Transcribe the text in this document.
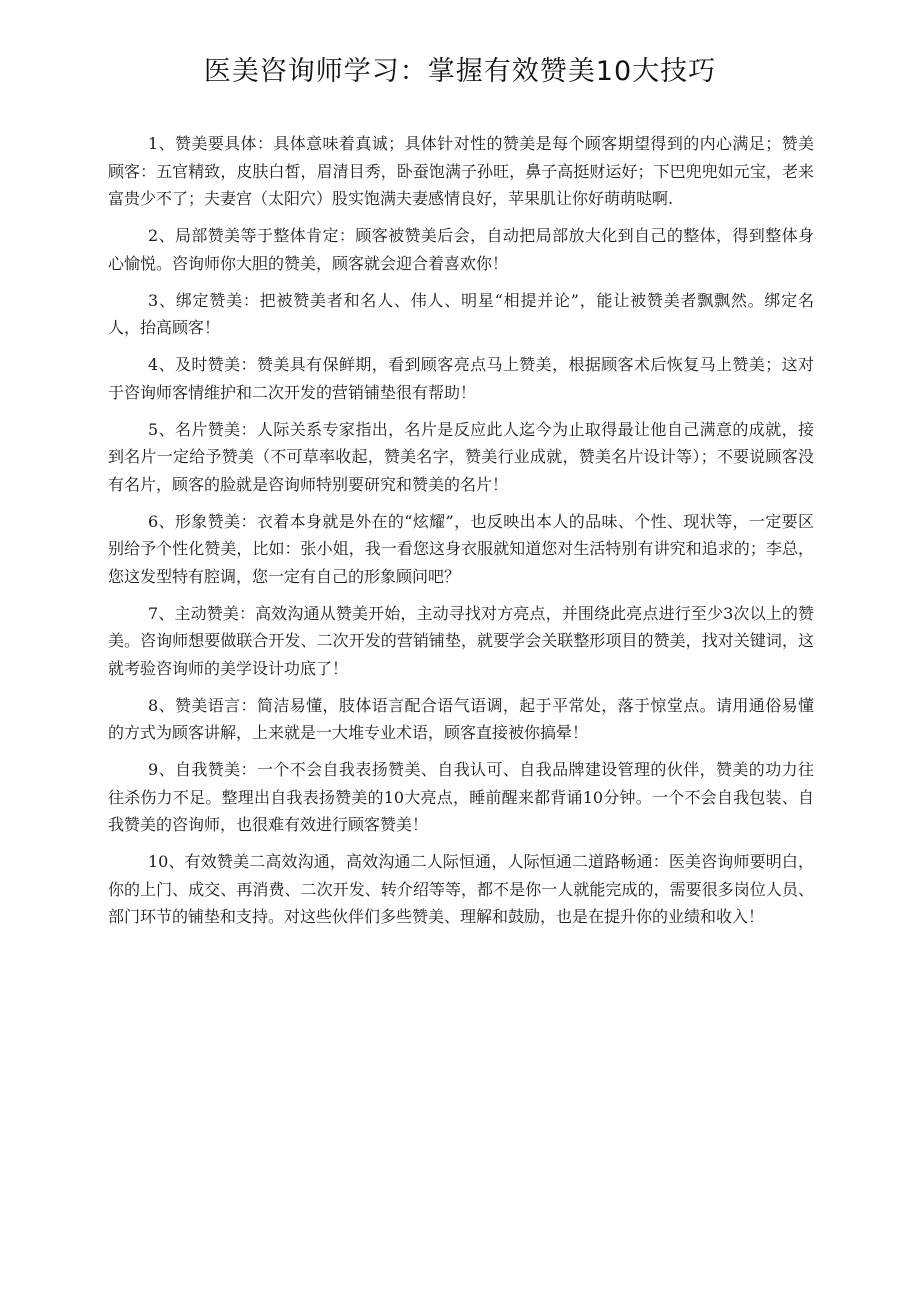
医美咨询师学习：掌握有效赞美10大技巧

1、赞美要具体：具体意味着真诚；具体针对性的赞美是每个顾客期望得到的内心满足；赞美顾客：五官精致，皮肤白皙，眉清目秀，卧蚕饱满子孙旺，鼻子高挺财运好；下巴兜兜如元宝，老来富贵少不了；夫妻宫（太阳穴）股实饱满夫妻感情良好，苹果肌让你好萌萌哒啊.

2、局部赞美等于整体肯定：顾客被赞美后会，自动把局部放大化到自己的整体，得到整体身心愉悦。咨询师你大胆的赞美，顾客就会迎合着喜欢你！

3、绑定赞美：把被赞美者和名人、伟人、明星“相提并论”，能让被赞美者飘飘然。绑定名人，抬高顾客！

4、及时赞美：赞美具有保鲜期，看到顾客亮点马上赞美，根据顾客术后恢复马上赞美；这对于咨询师客情维护和二次开发的营销铺垫很有帮助！

5、名片赞美：人际关系专家指出，名片是反应此人迄今为止取得最让他自己满意的成就，接到名片一定给予赞美（不可草率收起，赞美名字，赞美行业成就，赞美名片设计等）；不要说顾客没有名片，顾客的脸就是咨询师特别要研究和赞美的名片！

6、形象赞美：衣着本身就是外在的“炫耀”，也反映出本人的品味、个性、现状等，一定要区别给予个性化赞美，比如：张小姐，我一看您这身衣服就知道您对生活特别有讲究和追求的；李总，您这发型特有腔调，您一定有自己的形象顾问吧？

7、主动赞美：高效沟通从赞美开始，主动寻找对方亮点，并围绕此亮点进行至少3次以上的赞美。咨询师想要做联合开发、二次开发的营销铺垫，就要学会关联整形项目的赞美，找对关键词，这就考验咨询师的美学设计功底了！

8、赞美语言：简洁易懂，肢体语言配合语气语调，起于平常处，落于惊堂点。请用通俗易懂的方式为顾客讲解，上来就是一大堆专业术语，顾客直接被你搞晕！

9、自我赞美：一个不会自我表扬赞美、自我认可、自我品牌建设管理的伙伴，赞美的功力往往杀伤力不足。整理出自我表扬赞美的10大亮点，睡前醒来都背诵10分钟。一个不会自我包装、自我赞美的咨询师，也很难有效进行顾客赞美！

10、有效赞美二高效沟通，高效沟通二人际恒通，人际恒通二道路畅通：医美咨询师要明白，你的上门、成交、再消费、二次开发、转介绍等等，都不是你一人就能完成的，需要很多岗位人员、部门环节的铺垫和支持。对这些伙伴们多些赞美、理解和鼓励，也是在提升你的业绩和收入！
